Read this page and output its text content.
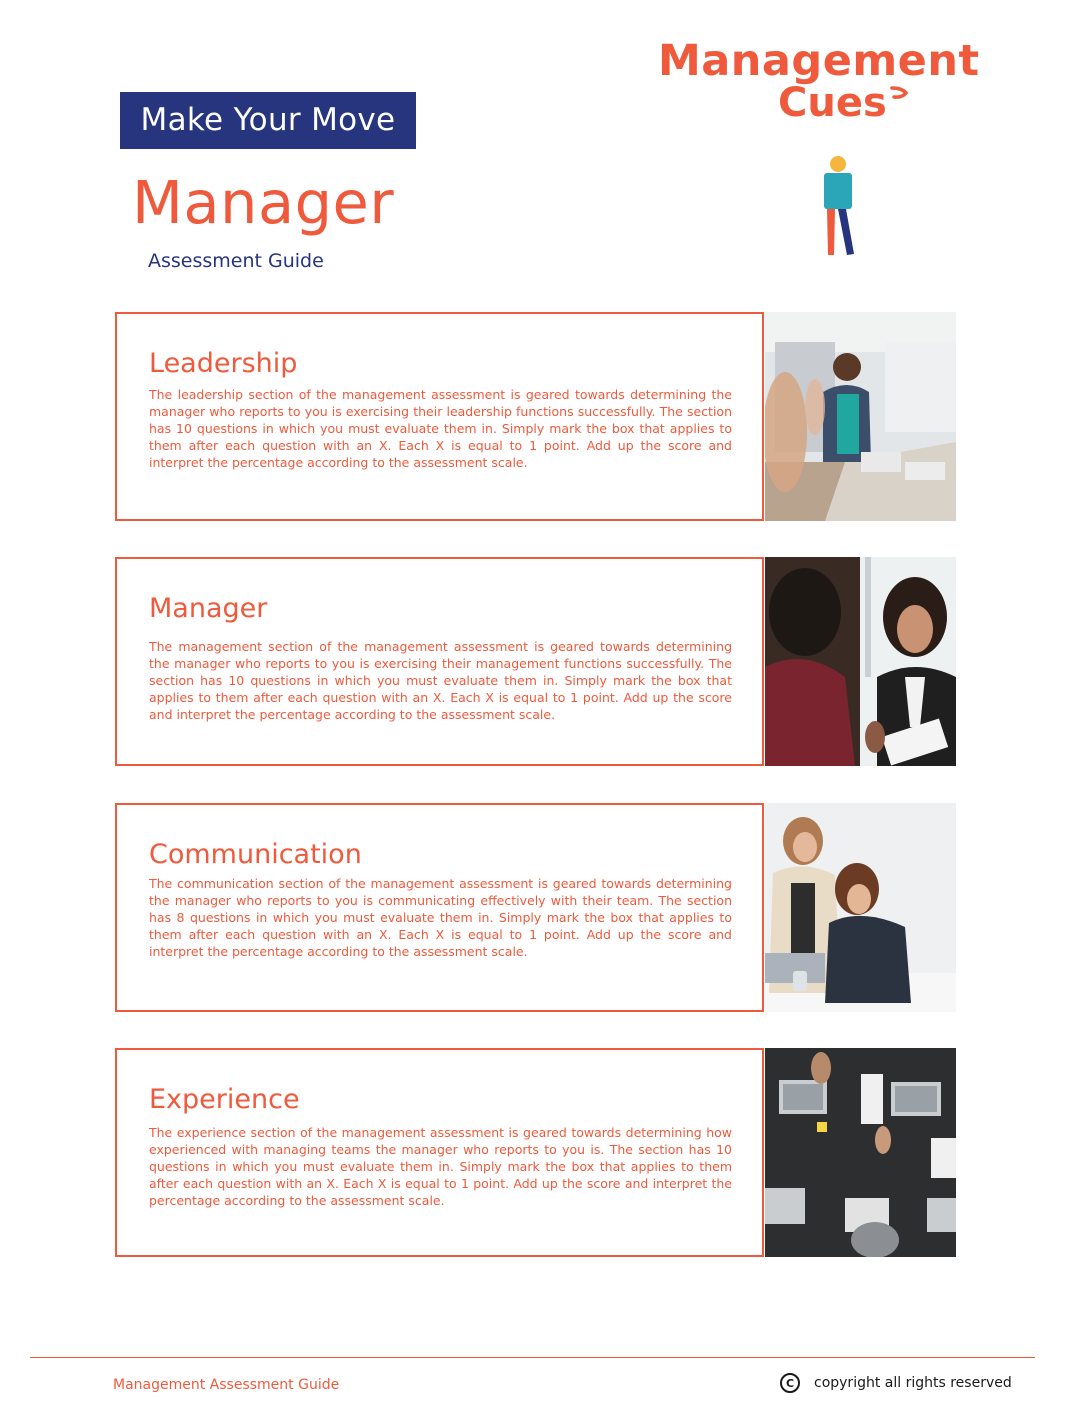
Make Your Move
Manager
Assessment Guide
Management
Cues
Leadership

The leadership section of the management assessment is geared towards determining the manager who reports to you is exercising their leadership functions successfully. The section has 10 questions in which you must evaluate them in. Simply mark the box that applies to them after each question with an X. Each X is equal to 1 point. Add up the score and interpret the percentage according to the assessment scale.

Manager

The management section of the management assessment is geared towards determining the manager who reports to you is exercising their management functions successfully. The section has 10 questions in which you must evaluate them in. Simply mark the box that applies to them after each question with an X. Each X is equal to 1 point. Add up the score and interpret the percentage according to the assessment scale.

Communication

The communication section of the management assessment is geared towards determining the manager who reports to you is communicating effectively with their team. The section has 8 questions in which you must evaluate them in. Simply mark the box that applies to them after each question with an X. Each X is equal to 1 point. Add up the score and interpret the percentage according to the assessment scale.

Experience

The experience section of the management assessment is geared towards determining how experienced with managing teams the manager who reports to you is. The section has 10 questions in which you must evaluate them in. Simply mark the box that applies to them after each question with an X. Each X is equal to 1 point. Add up the score and interpret the percentage according to the assessment scale.

Management Assessment Guide	C	copyright all rights reserved
